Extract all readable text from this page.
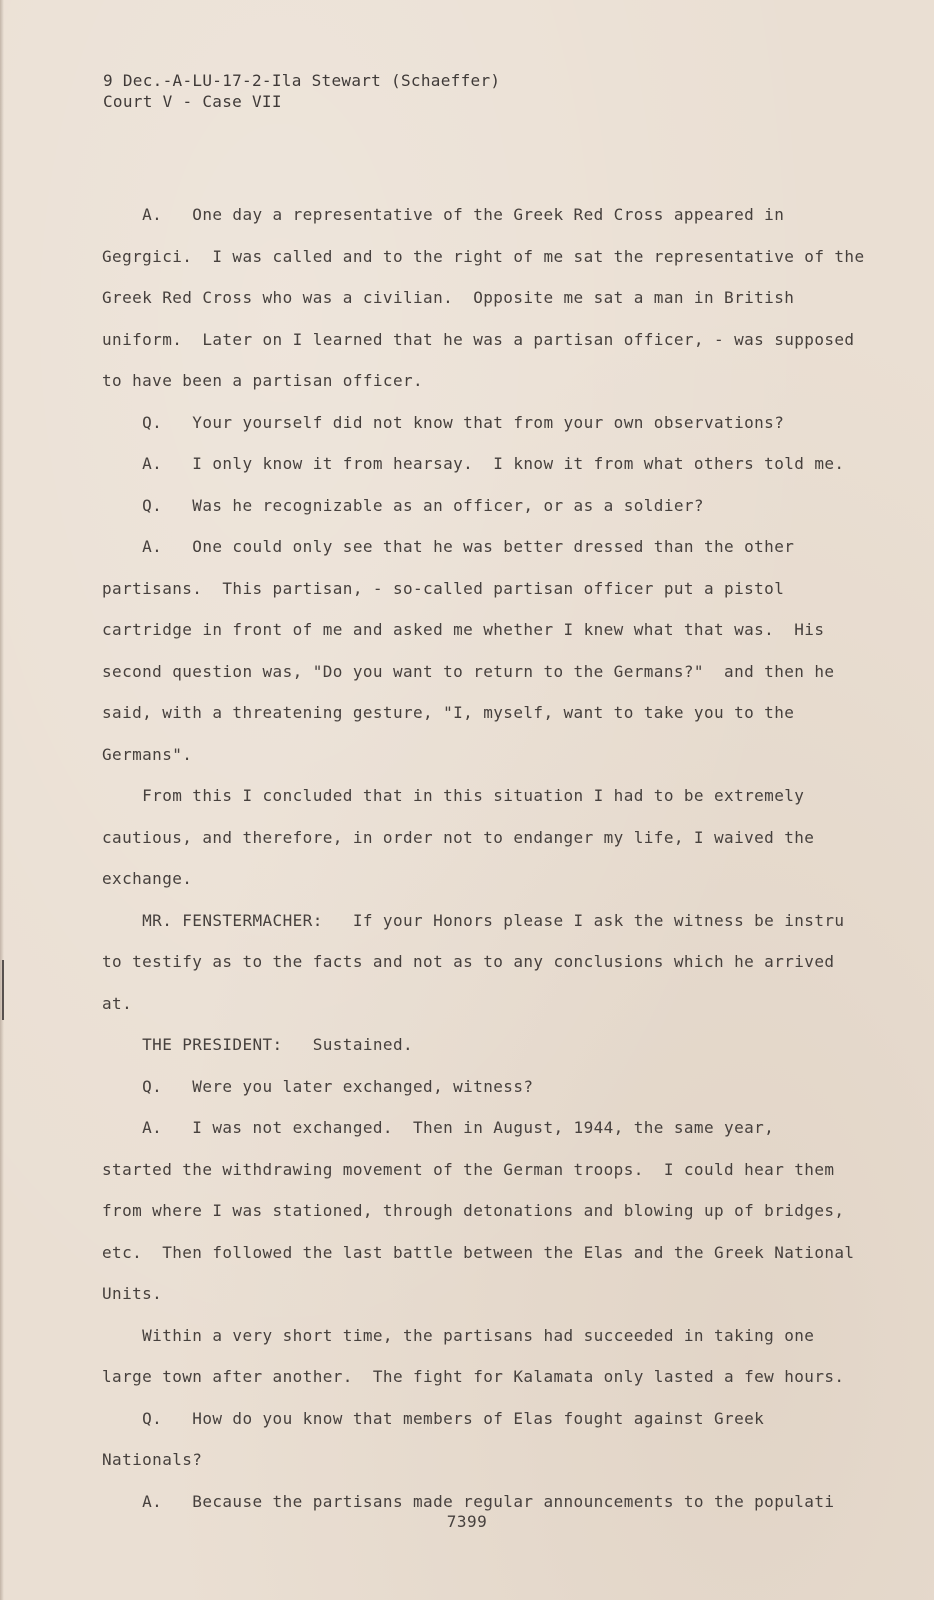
9 Dec.-A-LU-17-2-Ila Stewart (Schaeffer)
Court V - Case VII
A.   One day a representative of the Greek Red Cross appeared in
Gegrgici.  I was called and to the right of me sat the representative of the
Greek Red Cross who was a civilian.  Opposite me sat a man in British
uniform.  Later on I learned that he was a partisan officer, - was supposed
to have been a partisan officer.
Q.   Your yourself did not know that from your own observations?
A.   I only know it from hearsay.  I know it from what others told me.
Q.   Was he recognizable as an officer, or as a soldier?
A.   One could only see that he was better dressed than the other
partisans.  This partisan, - so-called partisan officer put a pistol
cartridge in front of me and asked me whether I knew what that was.  His
second question was, "Do you want to return to the Germans?"  and then he
said, with a threatening gesture, "I, myself, want to take you to the
Germans".
From this I concluded that in this situation I had to be extremely
cautious, and therefore, in order not to endanger my life, I waived the
exchange.
MR. FENSTERMACHER:   If your Honors please I ask the witness be instru
to testify as to the facts and not as to any conclusions which he arrived
at.
THE PRESIDENT:   Sustained.
Q.   Were you later exchanged, witness?
A.   I was not exchanged.  Then in August, 1944, the same year,
started the withdrawing movement of the German troops.  I could hear them
from where I was stationed, through detonations and blowing up of bridges,
etc.  Then followed the last battle between the Elas and the Greek National
Units.
Within a very short time, the partisans had succeeded in taking one
large town after another.  The fight for Kalamata only lasted a few hours.
Q.   How do you know that members of Elas fought against Greek
Nationals?
A.   Because the partisans made regular announcements to the populati
7399
